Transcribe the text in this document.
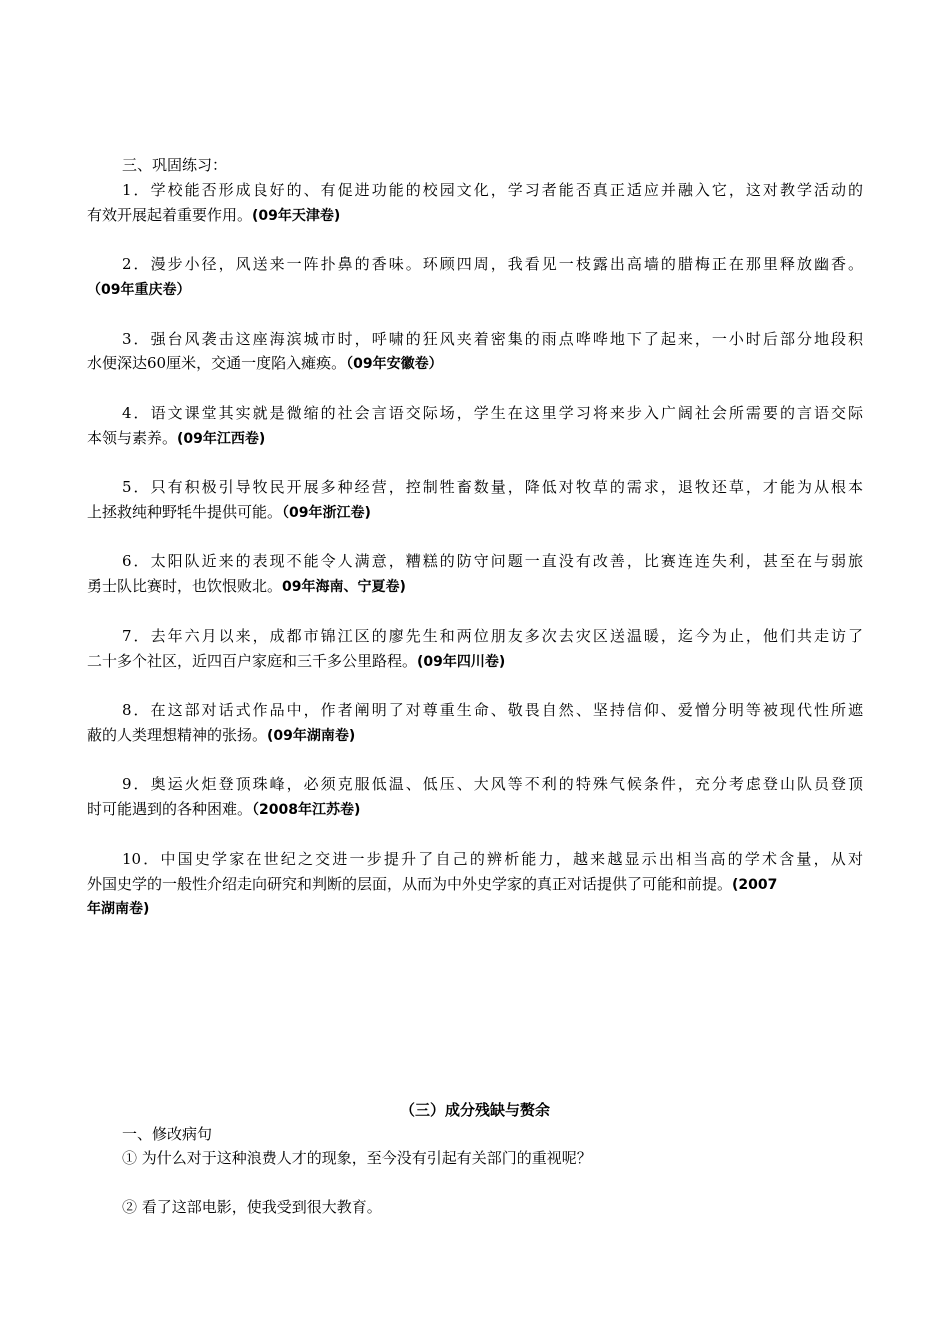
三、巩固练习：
1．学校能否形成良好的、有促进功能的校园文化，学习者能否真正适应并融入它，这对教学活动的
有效开展起着重要作用。(09年天津卷)
2．漫步小径，风送来一阵扑鼻的香味。环顾四周，我看见一枝露出高墙的腊梅正在那里释放幽香。
（09年重庆卷）
3．强台风袭击这座海滨城市时，呼啸的狂风夹着密集的雨点哗哗地下了起来，一小时后部分地段积
水便深达60厘米，交通一度陷入瘫痪。（09年安徽卷）
4．语文课堂其实就是微缩的社会言语交际场，学生在这里学习将来步入广阔社会所需要的言语交际
本领与素养。(09年江西卷)
5．只有积极引导牧民开展多种经营，控制牲畜数量，降低对牧草的需求，退牧还草，才能为从根本
上拯救纯种野牦牛提供可能。（09年浙江卷)
6．太阳队近来的表现不能令人满意，糟糕的防守问题一直没有改善，比赛连连失利，甚至在与弱旅
勇士队比赛时，也饮恨败北。09年海南、宁夏卷)
7．去年六月以来，成都市锦江区的廖先生和两位朋友多次去灾区送温暖，迄今为止，他们共走访了
二十多个社区，近四百户家庭和三千多公里路程。(09年四川卷)
8．在这部对话式作品中，作者阐明了对尊重生命、敬畏自然、坚持信仰、爱憎分明等被现代性所遮
蔽的人类理想精神的张扬。(09年湖南卷)
9．奥运火炬登顶珠峰，必须克服低温、低压、大风等不利的特殊气候条件，充分考虑登山队员登顶
时可能遇到的各种困难。（2008年江苏卷)
10．中国史学家在世纪之交进一步提升了自己的辨析能力，越来越显示出相当高的学术含量，从对
外国史学的一般性介绍走向研究和判断的层面，从而为中外史学家的真正对话提供了可能和前提。(2007
年湖南卷)
（三）成分残缺与赘余
一、修改病句
① 为什么对于这种浪费人才的现象，至今没有引起有关部门的重视呢？
② 看了这部电影，使我受到很大教育。
